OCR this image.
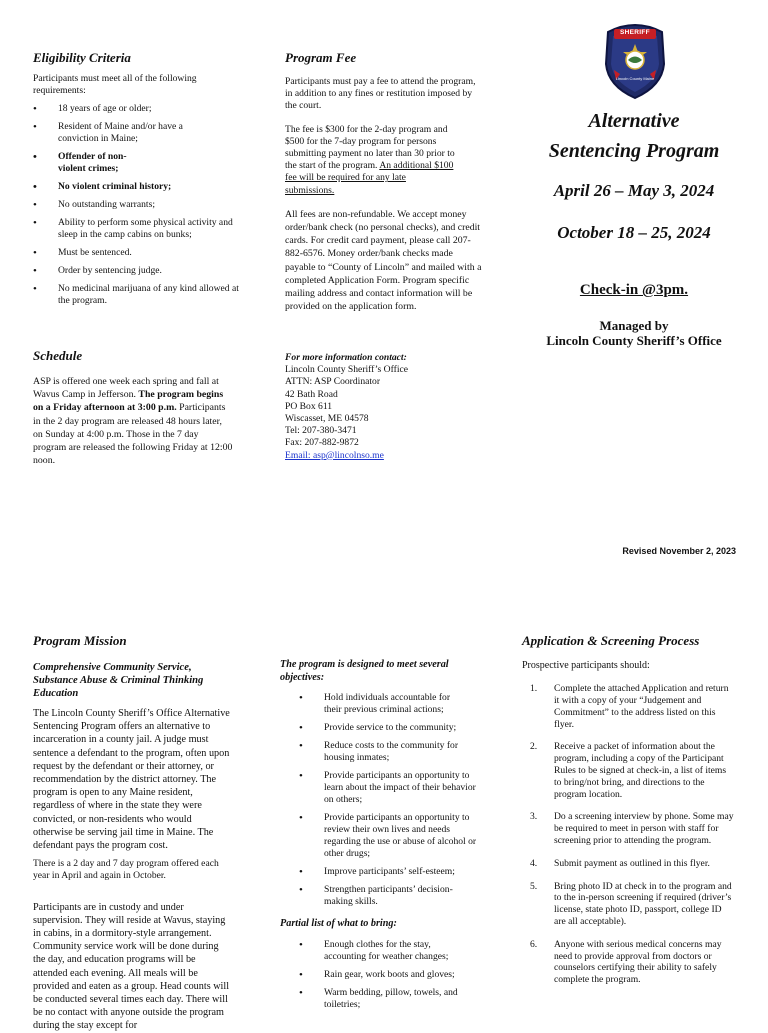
Eligibility Criteria

Participants must meet all of the following requirements:

• 18 years of age or older;
• Resident of Maine and/or have a conviction in Maine;
• Offender of non-violent crimes;
• No violent criminal history;
• No outstanding warrants;
• Ability to perform some physical activity and sleep in the camp cabins on bunks;
• Must be sentenced.
• Order by sentencing judge.
• No medicinal marijuana of any kind allowed at the program.

Schedule

ASP is offered one week each spring and fall at Wavus Camp in Jefferson. The program begins on a Friday afternoon at 3:00 p.m. Participants in the 2 day program are released 48 hours later, on Sunday at 4:00 p.m. Those in the 7 day program are released the following Friday at 12:00 noon.

Program Fee

Participants must pay a fee to attend the program, in addition to any fines or restitution imposed by the court.

The fee is $300 for the 2-day program and $500 for the 7-day program for persons submitting payment no later than 30 prior to the start of the program. An additional $100 fee will be required for any late submissions.

All fees are non-refundable. We accept money order/bank check (no personal checks), and credit cards. For credit card payment, please call 207-882-6576. Money order/bank checks made payable to “County of Lincoln” and mailed with a completed Application Form. Program specific mailing address and contact information will be provided on the application form.

For more information contact:

Lincoln County Sheriff’s Office

ATTN: ASP Coordinator

42 Bath Road

PO Box 611

Wiscasset, ME 04578

Tel: 207-380-3471

Fax: 207-882-9872

Email: asp@lincolnso.me

SHERIFF
Lincoln County Maine
Alternative
Sentencing Program
April 26 – May 3, 2024
October 18 – 25, 2024
Check-in @3pm.
Managed by
Lincoln County Sheriff’s Office
Revised November 2, 2023

Program Mission

Comprehensive Community Service, Substance Abuse & Criminal Thinking Education

The Lincoln County Sheriff’s Office Alternative Sentencing Program offers an alternative to incarceration in a county jail. A judge must sentence a defendant to the program, often upon request by the defendant or their attorney, or recommendation by the district attorney. The program is open to any Maine resident, regardless of where in the state they were convicted, or non-residents who would otherwise be serving jail time in Maine. The defendant pays the program cost.

There is a 2 day and 7 day program offered each year in April and again in October.

Participants are in custody and under supervision. They will reside at Wavus, staying in cabins, in a dormitory-style arrangement. Community service work will be done during the day, and education programs will be attended each evening. All meals will be provided and eaten as a group. Head counts will be conducted several times each day. There will be no contact with anyone outside the program during the stay except for

The program is designed to meet several objectives:

• Hold individuals accountable for their previous criminal actions;
• Provide service to the community;
• Reduce costs to the community for housing inmates;
• Provide participants an opportunity to learn about the impact of their behavior on others;
• Provide participants an opportunity to review their own lives and needs regarding the use or abuse of alcohol or other drugs;
• Improve participants’ self-esteem;
• Strengthen participants’ decision-making skills.

Partial list of what to bring:

• Enough clothes for the stay, accounting for weather changes;
• Rain gear, work boots and gloves;
• Warm bedding, pillow, towels, and toiletries;

Application & Screening Process

Prospective participants should:

1. Complete the attached Application and return it with a copy of your “Judgement and Commitment” to the address listed on this flyer.
2. Receive a packet of information about the program, including a copy of the Participant Rules to be signed at check-in, a list of items to bring/not bring, and directions to the program location.
3. Do a screening interview by phone. Some may be required to meet in person with staff for screening prior to attending the program.
4. Submit payment as outlined in this flyer.
5. Bring photo ID at check in to the program and to the in-person screening if required (driver’s license, state photo ID, passport, college ID are all acceptable).
6. Anyone with serious medical concerns may need to provide approval from doctors or counselors certifying their ability to safely complete the program.
